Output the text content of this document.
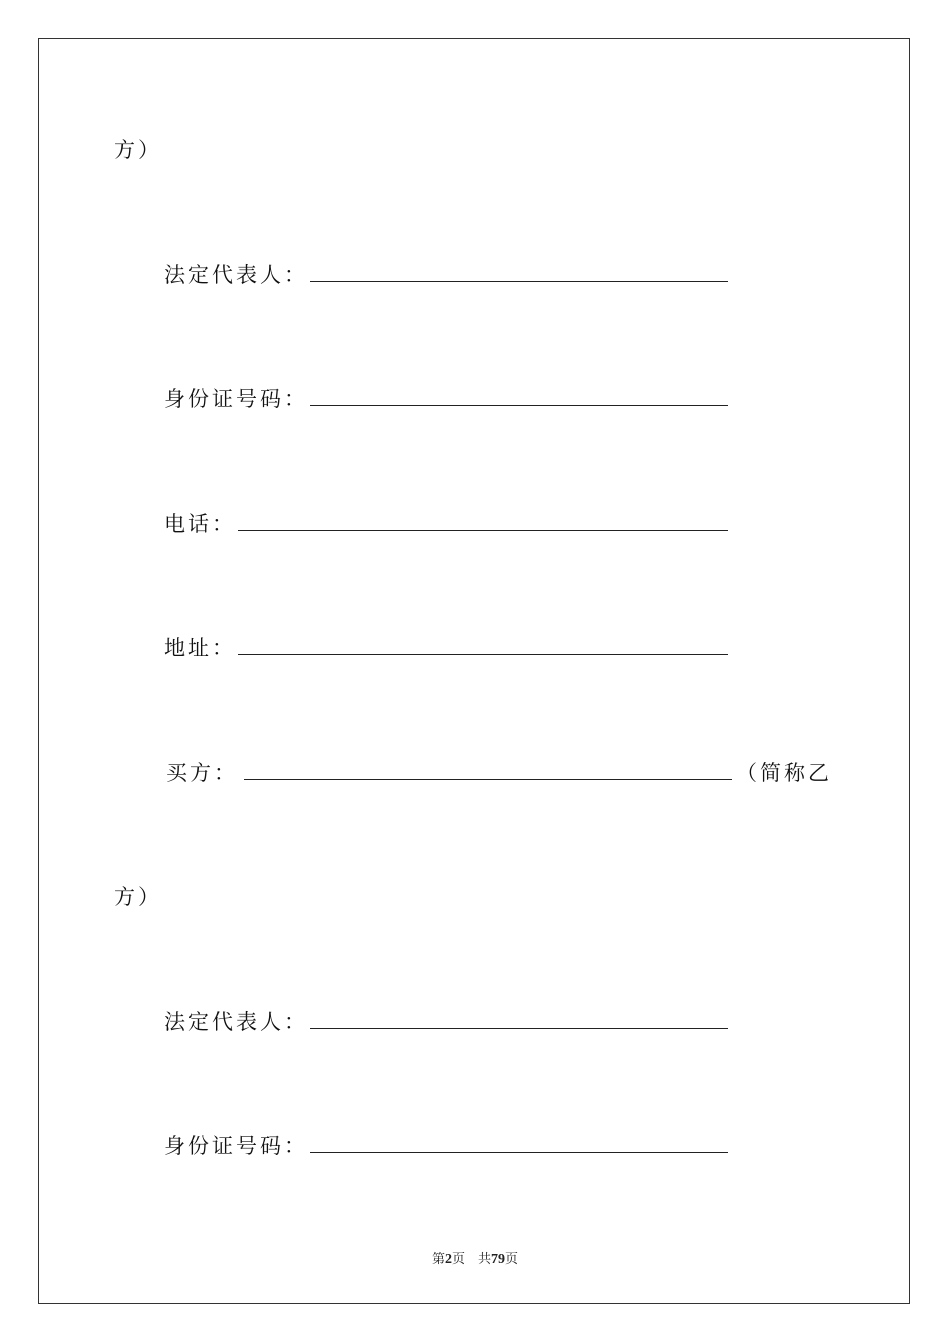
方）
法定代表人：
身份证号码：
电话：
地址：
买方：	（简称乙
方）
法定代表人：
身份证号码：
第2页　共79页
